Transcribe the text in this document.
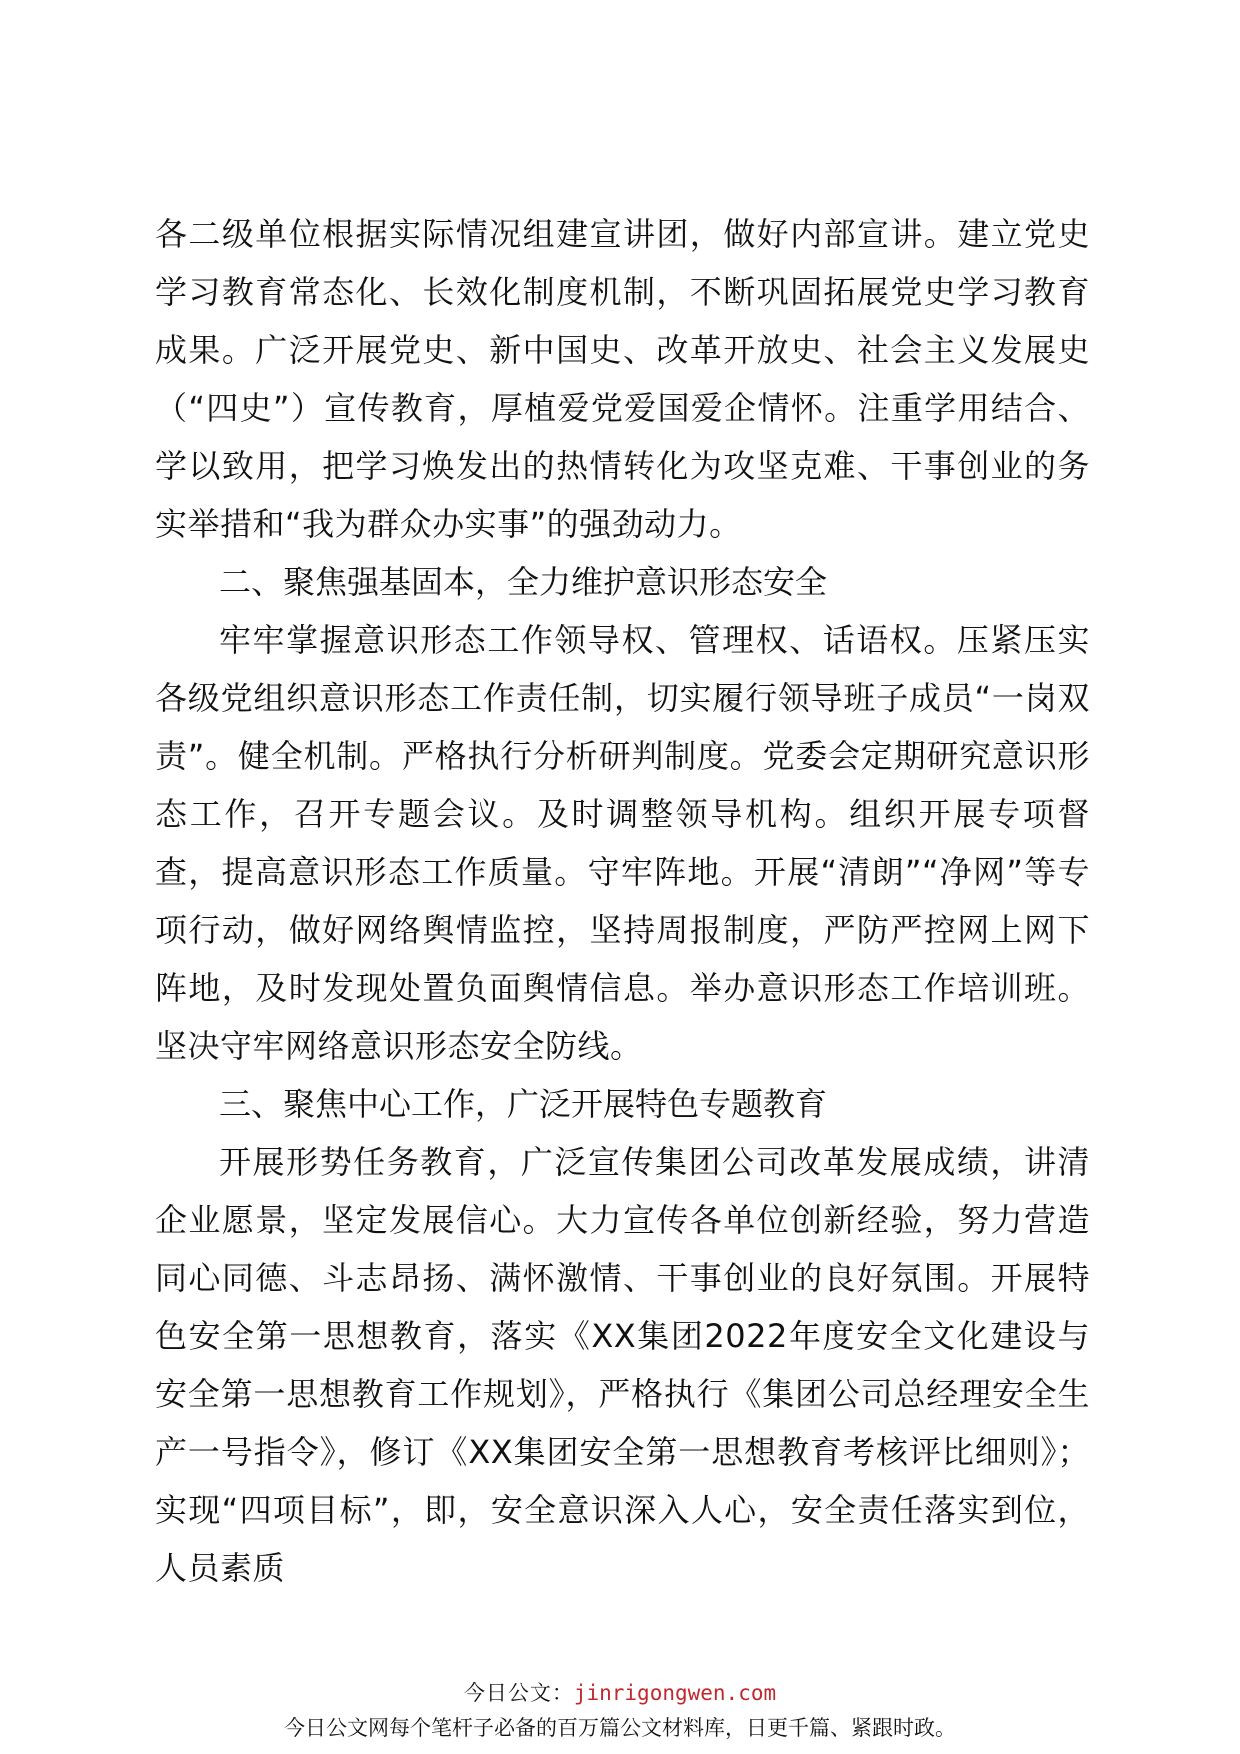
各二级单位根据实际情况组建宣讲团，做好内部宣讲。建立党史学习教育常态化、长效化制度机制，不断巩固拓展党史学习教育成果。广泛开展党史、新中国史、改革开放史、社会主义发展史（“四史”）宣传教育，厚植爱党爱国爱企情怀。注重学用结合、学以致用，把学习焕发出的热情转化为攻坚克难、干事创业的务实举措和“我为群众办实事”的强劲动力。

二、聚焦强基固本，全力维护意识形态安全

牢牢掌握意识形态工作领导权、管理权、话语权。压紧压实各级党组织意识形态工作责任制，切实履行领导班子成员“一岗双责”。健全机制。严格执行分析研判制度。党委会定期研究意识形态工作，召开专题会议。及时调整领导机构。组织开展专项督查，提高意识形态工作质量。守牢阵地。开展“清朗”“净网”等专项行动，做好网络舆情监控，坚持周报制度，严防严控网上网下阵地，及时发现处置负面舆情信息。举办意识形态工作培训班。坚决守牢网络意识形态安全防线。

三、聚焦中心工作，广泛开展特色专题教育

开展形势任务教育，广泛宣传集团公司改革发展成绩，讲清企业愿景，坚定发展信心。大力宣传各单位创新经验，努力营造同心同德、斗志昂扬、满怀激情、干事创业的良好氛围。开展特色安全第一思想教育，落实《XX集团2022年度安全文化建设与安全第一思想教育工作规划》，严格执行《集团公司总经理安全生产一号指令》，修订《XX集团安全第一思想教育考核评比细则》；实现“四项目标”，即，安全意识深入人心，安全责任落实到位，人员素质

今日公文：jinrigongwen.com
今日公文网每个笔杆子必备的百万篇公文材料库，日更千篇、紧跟时政。
